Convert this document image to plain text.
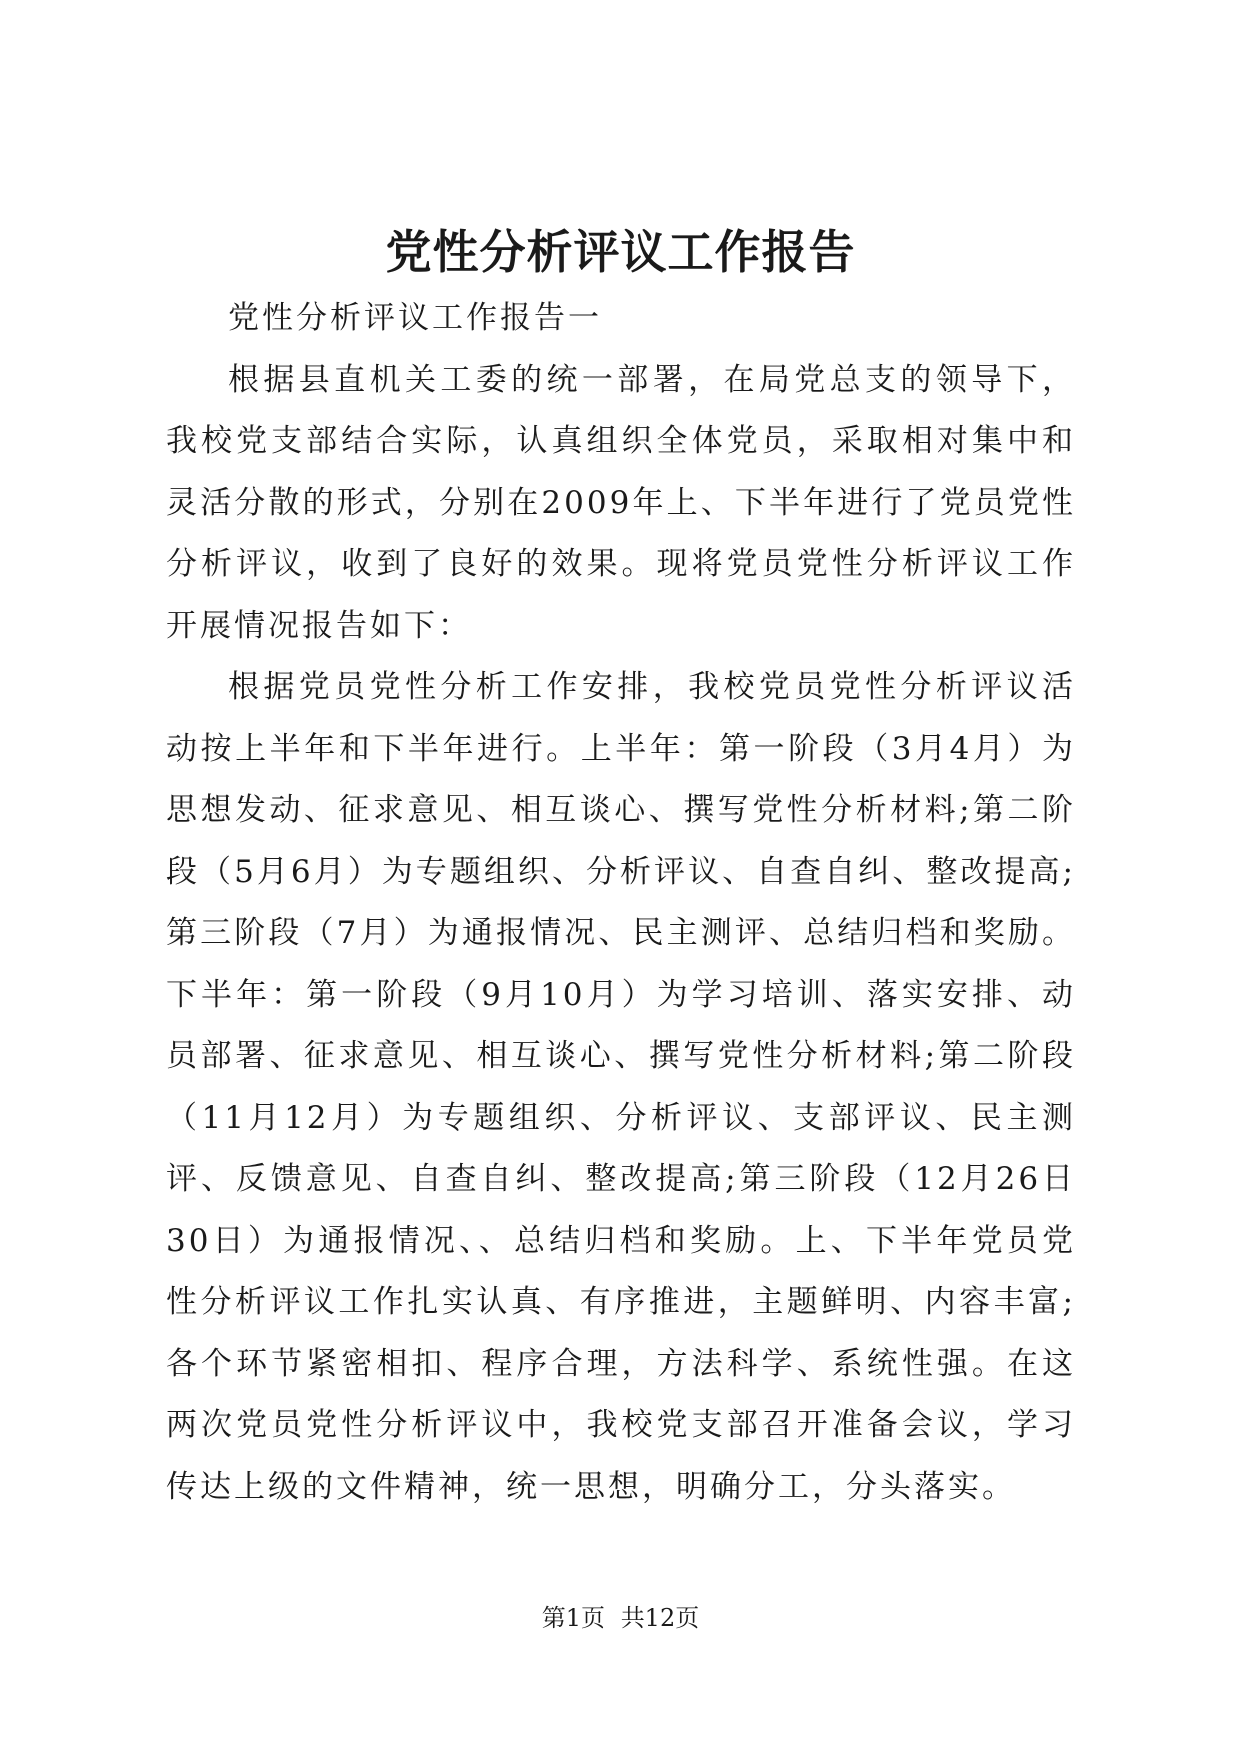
党性分析评议工作报告

党性分析评议工作报告一

根据县直机关工委的统一部署，在局党总支的领导下，我校党支部结合实际，认真组织全体党员，采取相对集中和灵活分散的形式，分别在2009年上、下半年进行了党员党性分析评议，收到了良好的效果。现将党员党性分析评议工作开展情况报告如下：

根据党员党性分析工作安排，我校党员党性分析评议活动按上半年和下半年进行。上半年：第一阶段（3月4月）为思想发动、征求意见、相互谈心、撰写党性分析材料;第二阶段（5月6月）为专题组织、分析评议、自查自纠、整改提高;第三阶段（7月）为通报情况、民主测评、总结归档和奖励。下半年：第一阶段（9月10月）为学习培训、落实安排、动员部署、征求意见、相互谈心、撰写党性分析材料;第二阶段（11月12月）为专题组织、分析评议、支部评议、民主测评、反馈意见、自查自纠、整改提高;第三阶段（12月26日30日）为通报情况、、总结归档和奖励。上、下半年党员党性分析评议工作扎实认真、有序推进，主题鲜明、内容丰富;各个环节紧密相扣、程序合理，方法科学、系统性强。在这两次党员党性分析评议中，我校党支部召开准备会议，学习传达上级的文件精神，统一思想，明确分工，分头落实。

第1页 共12页
